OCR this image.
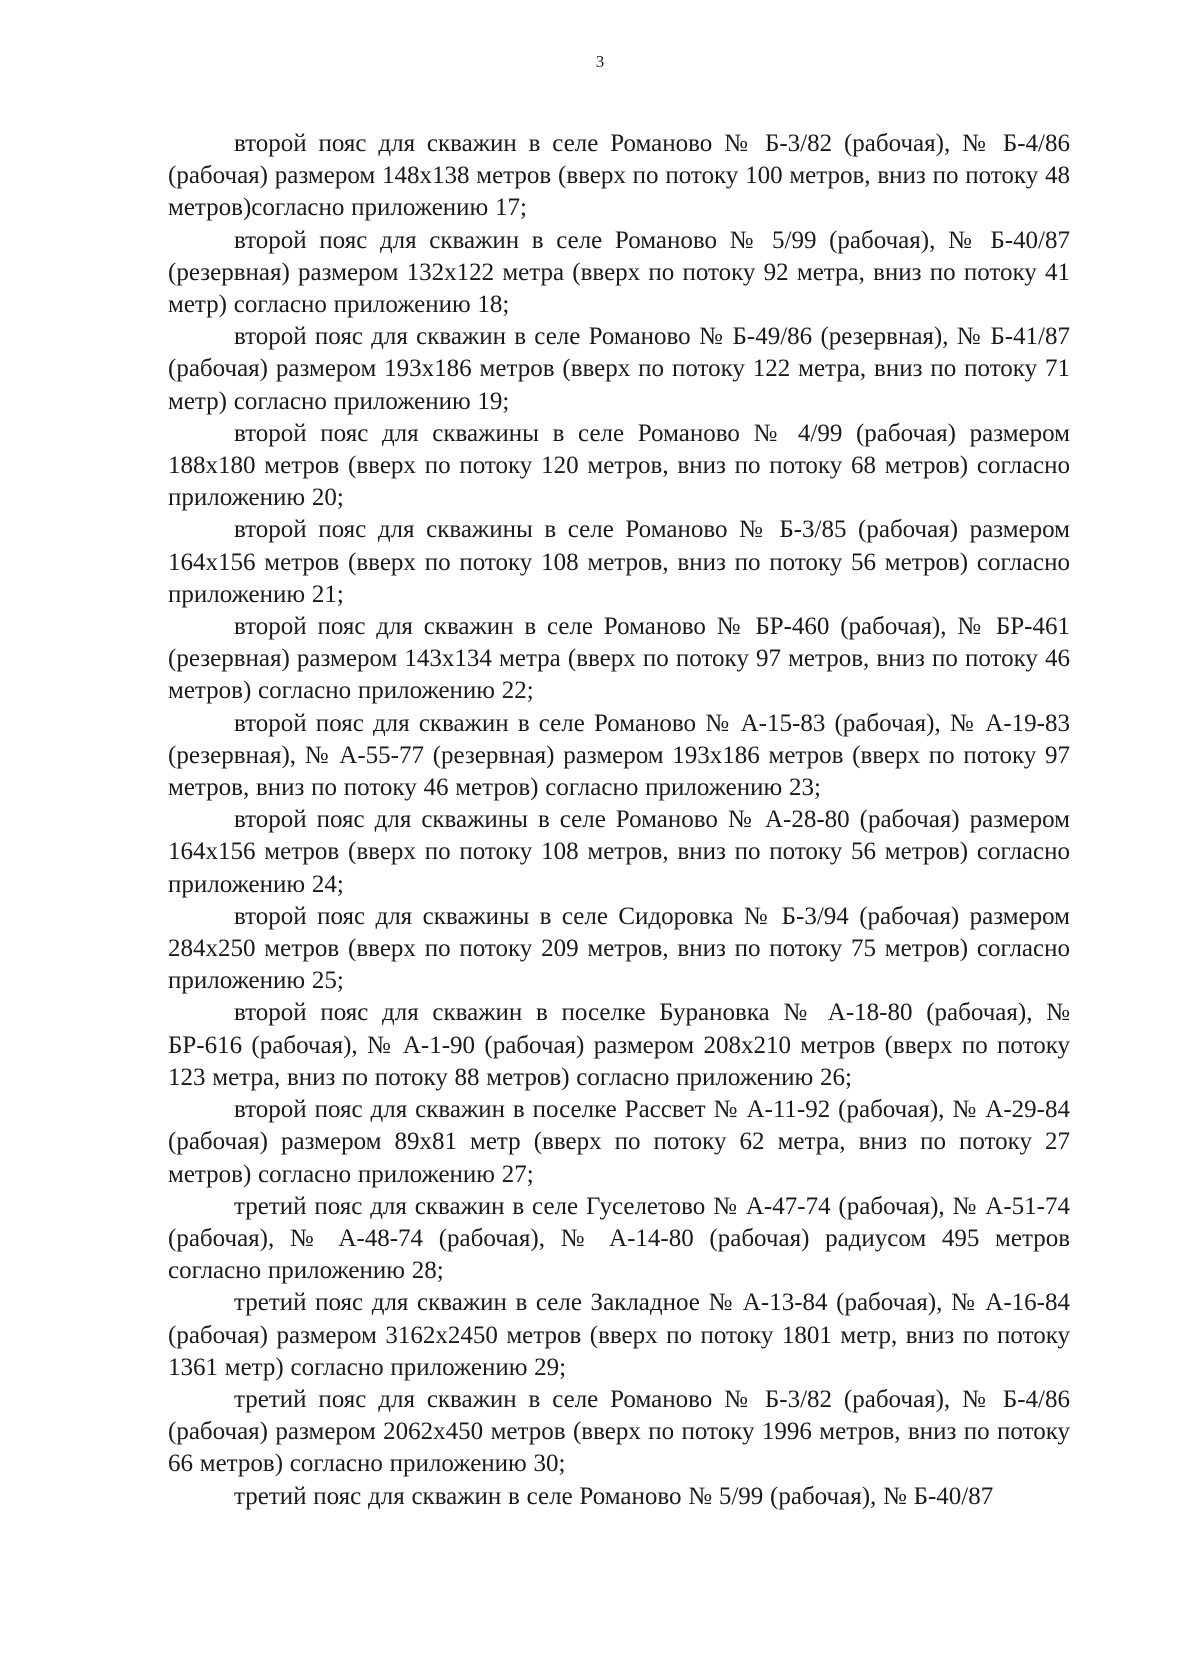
3

второй пояс для скважин в селе Романово № Б-3/82 (рабочая), № Б-4/86 (рабочая) размером 148х138 метров (вверх по потоку 100 метров, вниз по потоку 48 метров)согласно приложению 17;

второй пояс для скважин в селе Романово № 5/99 (рабочая), № Б-40/87 (резервная) размером 132х122 метра (вверх по потоку 92 метра, вниз по потоку 41 метр) согласно приложению 18;

второй пояс для скважин в селе Романово № Б-49/86 (резервная), № Б-41/87 (рабочая) размером 193х186 метров (вверх по потоку 122 метра, вниз по потоку 71 метр) согласно приложению 19;

второй пояс для скважины в селе Романово № 4/99 (рабочая) размером 188х180 метров (вверх по потоку 120 метров, вниз по потоку 68 метров) согласно приложению 20;

второй пояс для скважины в селе Романово № Б-3/85 (рабочая) размером 164х156 метров (вверх по потоку 108 метров, вниз по потоку 56 метров) согласно приложению 21;

второй пояс для скважин в селе Романово № БР-460 (рабочая), № БР-461 (резервная) размером 143х134 метра (вверх по потоку 97 метров, вниз по потоку 46 метров) согласно приложению 22;

второй пояс для скважин в селе Романово № А-15-83 (рабочая), № А-19-83 (резервная), № А-55-77 (резервная) размером 193х186 метров (вверх по потоку 97 метров, вниз по потоку 46 метров) согласно приложению 23;

второй пояс для скважины в селе Романово № А-28-80 (рабочая) размером 164х156 метров (вверх по потоку 108 метров, вниз по потоку 56 метров) согласно приложению 24;

второй пояс для скважины в селе Сидоровка № Б-3/94 (рабочая) размером 284х250 метров (вверх по потоку 209 метров, вниз по потоку 75 метров) согласно приложению 25;

второй пояс для скважин в поселке Бурановка № А-18-80 (рабочая), № БР-616 (рабочая), № А-1-90 (рабочая) размером 208х210 метров (вверх по потоку 123 метра, вниз по потоку 88 метров) согласно приложению 26;

второй пояс для скважин в поселке Рассвет № А-11-92 (рабочая), № А-29-84 (рабочая) размером 89х81 метр (вверх по потоку 62 метра, вниз по потоку 27 метров) согласно приложению 27;

третий пояс для скважин в селе Гуселетово № А-47-74 (рабочая), № А-51-74 (рабочая), № А-48-74 (рабочая), № А-14-80 (рабочая) радиусом 495 метров согласно приложению 28;

третий пояс для скважин в селе Закладное № А-13-84 (рабочая), № А-16-84 (рабочая) размером 3162х2450 метров (вверх по потоку 1801 метр, вниз по потоку 1361 метр) согласно приложению 29;

третий пояс для скважин в селе Романово № Б-3/82 (рабочая), № Б-4/86 (рабочая) размером 2062х450 метров (вверх по потоку 1996 метров, вниз по потоку 66 метров) согласно приложению 30;

третий пояс для скважин в селе Романово № 5/99 (рабочая), № Б-40/87
